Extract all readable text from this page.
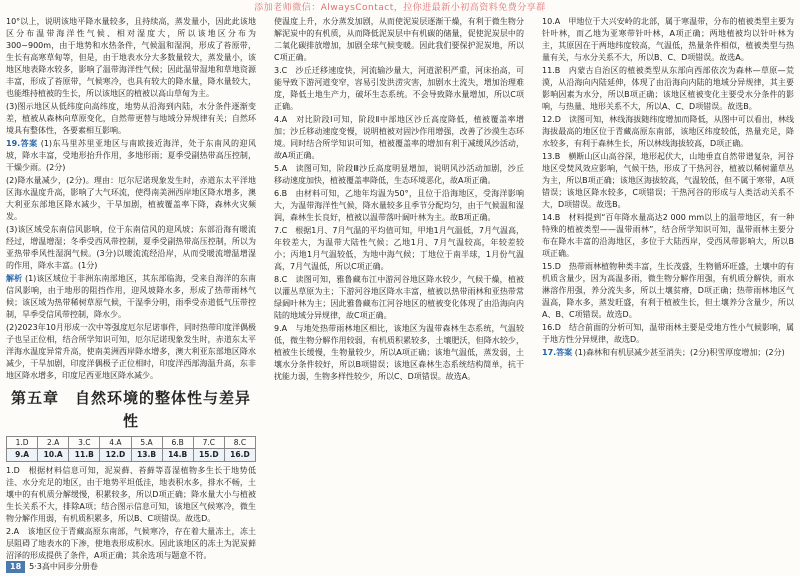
添加老师微信：AlwaysContact，拉你进最新小初高资料免费分享群

10°以上，说明该地平降水量较多，且持续高，蒸发量小，因此此该地区分布温带海洋性气候、相对湿度大，所以该地区分布为300~900m，由于地势和水热条件，气候温和湿润，形成了苔原带，生长有高寒草甸等，但是，由于地表水分大多数量较大，蒸发量小，该地区地表降水较多，影响了温带海洋性气候；因此温带湿地和草地资源丰富，形成了苔原带，气候寒冷，也具有较大的降水量，降水量较大，也能维持植被的生长，所以该地区的植被以高山草甸为主。

(3)图示地区从低纬度向高纬度，地势从沿海到内陆，水分条件逐渐变差，植被从森林向草原变化，自然带更替与地域分异规律有关；自然环境具有整体性，各要素相互影响。

19.答案 (1)东马里苏里亚地区与南欧接近海洋，处于东南风的迎风坡，降水丰富，受地形抬升作用，多地形雨；夏季受副热带高压控制，干燥少雨。(2分)

(2)降水量减少，(2分)。理由：厄尔尼诺现象发生时，赤道东太平洋地区海水温度升高，影响了大气环流，使得南美洲西岸地区降水增多，澳大利亚东部地区降水减少，干旱加剧，植被覆盖率下降，森林火灾频发。

(3)该区域受东南信风影响，位于东南信风的迎风坡；东部沿海有暖流经过，增温增湿；冬季受西风带控制，夏季受副热带高压控制，所以为亚热带季风性湿润气候。(3分)以暖流流经沿岸，从而受暖流增温增湿的作用，降水丰富。(1分)

解析 (1)该区域位于非洲东南部地区，其东部临海，受来自海洋的东南信风影响，由于地形的阻挡作用，迎风坡降水多，形成了热带雨林气候；该区域为热带稀树草原气候，干湿季分明，雨季受赤道低气压带控制，旱季受信风带控制，降水少。

(2)2023年10月形成一次中等强度厄尔尼诺事件，同时热带印度洋偶极子也呈正位相，结合所学知识可知，厄尔尼诺现象发生时，赤道东太平洋海水温度异常升高，使南美洲西岸降水增多，澳大利亚东部地区降水减少，干旱加剧，印度洋偶极子正位相时，印度洋西部海温升高，东非地区降水增多，印度尼西亚地区降水减少。

第五章　自然环境的整体性与差异性
1.D	2.A	3.C	4.A	5.A	6.B	7.C	8.C
9.A	10.A	11.B	12.D	13.B	14.B	15.D	16.D

1.D　根据材料信息可知，泥炭藓、苔藓等喜湿植物多生长于地势低洼、水分充足的地区，由于地势平坦低洼，地表积水多，排水不畅，土壤中的有机质分解缓慢，积累较多，所以D项正确；降水量大小与植被生长关系不大，排除A项；结合图示信息可知，该地区气候寒冷，微生物分解作用弱，有机质积累多，所以B、C项错误。故选D。

2.A　该地区位于青藏高原东南部，气候寒冷，存在着大量冻土，冻土层阻碍了地表水的下渗，使地表形成积水。因此该地区的冻土为泥炭藓沼泽的形成提供了条件，A项正确；其余选项与题意不符。

使温度上升，水分蒸发加剧，从而使泥炭层逐渐干燥，有利于微生物分解泥炭中的有机质，从而降低泥炭层中有机碳的储量，促使泥炭层中的二氧化碳排放增加，加剧全球气候变暖。因此我们要保护泥炭地，所以C项正确。

3.C　沙丘迁移速度快，河流输沙量大，河道淤积严重，河床抬高，可能导致下游河道变窄，容易引发洪涝灾害，加剧水土流失，增加治理难度，降低土地生产力，破坏生态系统。不会导致降水量增加，所以C项正确。

4.A　对比阶段Ⅰ可知，阶段Ⅱ中部地区沙丘高度降低，植被覆盖率增加；沙丘移动速度变慢，说明植被对固沙作用增强，改善了沙漠生态环境。同时结合所学知识可知，植被覆盖率的增加有利于减缓风沙活动，故A项正确。

5.A　读图可知，阶段Ⅲ沙丘高度明显增加，说明风沙活动加剧，沙丘移动速度加快，植被覆盖率降低，生态环境恶化，故A项正确。

6.B　由材料可知，乙地年均温为50°，且位于沿海地区，受海洋影响大，为温带海洋性气候，降水量较多且季节分配均匀，由于气候温和湿润，森林生长良好，植被以温带落叶阔叶林为主。故B项正确。

7.C　根据1月、7月气温的平均值可知，甲地1月气温低，7月气温高，年较差大，为温带大陆性气候；乙地1月、7月气温较高，年较差较小；丙地1月气温较低，为地中海气候；丁地位于南半球，1月份气温高，7月气温低，所以C项正确。

8.C　读图可知，雅鲁藏布江中游河谷地区降水较少，气候干燥，植被以灌丛草原为主；下游河谷地区降水丰富，植被以热带雨林和亚热带常绿阔叶林为主；因此雅鲁藏布江河谷地区的植被变化体现了由沿海向内陆的地域分异规律，故C项正确。

9.A　与地处热带雨林地区相比，该地区为温带森林生态系统，气温较低，微生物分解作用较弱，有机质积累较多，土壤肥沃，但降水较少，植被生长缓慢，生物量较少，所以A项正确；该地气温低，蒸发弱，土壤水分条件较好，所以B项错误；该地区森林生态系统结构简单，抗干扰能力弱，生物多样性较少，所以C、D项错误。故选A。

10.A　甲地位于大兴安岭的北部，属于寒温带，分布的植被类型主要为针叶林，而乙地为亚寒带针叶林，A项正确；两地植被均以针叶林为主，其原因在于两地纬度较高，气温低，热量条件相似，植被类型与热量有关，与水分关系不大，所以B、C、D项错误。故选A。

11.B　内蒙古自治区的植被类型从东部向西部依次为森林—草原—荒漠，从沿海向内陆延伸，体现了由沿海向内陆的地域分异规律，其主要影响因素为水分，所以B项正确；该地区植被变化主要受水分条件的影响，与热量、地形关系不大，所以A、C、D项错误。故选B。

12.D　读图可知，林线海拔随纬度增加而降低，从图中可以看出，林线海拔最高的地区位于青藏高原东南部，该地区纬度较低，热量充足，降水较多，有利于森林生长，所以林线海拔较高，D项正确。

13.B　横断山区山高谷深，地形起伏大，山地垂直自然带谱复杂，河谷地区受焚风效应影响，气候干热，形成了干热河谷，植被以稀树灌草丛为主，所以B项正确；该地区海拔较高，气温较低，但不属于寒带，A项错误；该地区降水较多，C项错误；干热河谷的形成与人类活动关系不大，D项错误。故选B。

14.B　材料提到“百年降水量高达2 000 mm以上的温带地区，有一种特殊的植被类型——温带雨林”，结合所学知识可知，温带雨林主要分布在降水丰富的沿海地区，多位于大陆西岸，受西风带影响大，所以B项正确。

15.D　热带雨林植物种类丰富，生长茂盛，生物循环旺盛，土壤中的有机质含量少，因为高温多雨，微生物分解作用强，有机质分解快，雨水淋溶作用强，养分流失多，所以土壤贫瘠，D项正确；热带雨林地区气温高，降水多，蒸发旺盛，有利于植被生长，但土壤养分含量少，所以A、B、C项错误。故选D。

16.D　结合前面的分析可知，温带雨林主要是受地方性小气候影响，属于地方性分异规律，故选D。

17.答案 (1)森林和有机层减少甚至消失；(2分)积雪厚度增加；(2分)

18	5·3高中同步分册卷
